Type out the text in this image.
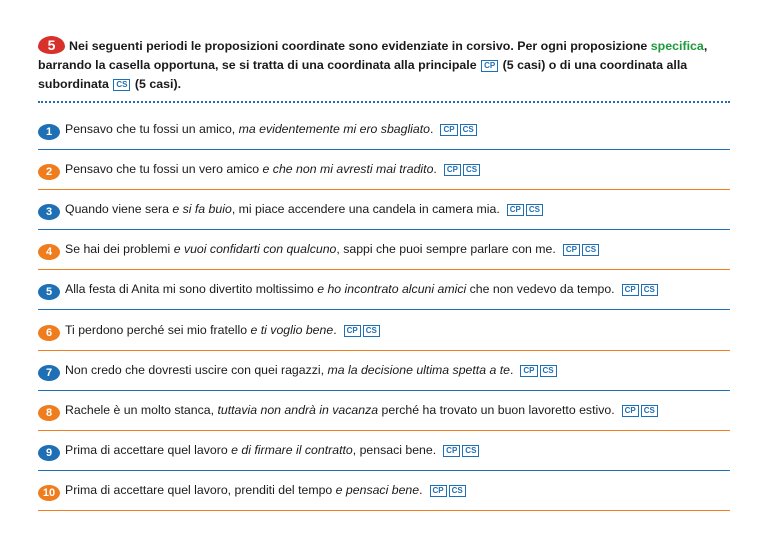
5 Nei seguenti periodi le proposizioni coordinate sono evidenziate in corsivo. Per ogni proposizione specifica, barrando la casella opportuna, se si tratta di una coordinata alla principale CP (5 casi) o di una coordinata alla subordinata CS (5 casi).
1 Pensavo che tu fossi un amico, ma evidentemente mi ero sbagliato. CP CS
2 Pensavo che tu fossi un vero amico e che non mi avresti mai tradito. CP CS
3 Quando viene sera e si fa buio, mi piace accendere una candela in camera mia. CP CS
4 Se hai dei problemi e vuoi confidarti con qualcuno, sappi che puoi sempre parlare con me. CP CS
5 Alla festa di Anita mi sono divertito moltissimo e ho incontrato alcuni amici che non vedevo da tempo. CP CS
6 Ti perdono perché sei mio fratello e ti voglio bene. CP CS
7 Non credo che dovresti uscire con quei ragazzi, ma la decisione ultima spetta a te. CP CS
8 Rachele è un molto stanca, tuttavia non andrà in vacanza perché ha trovato un buon lavoretto estivo. CP CS
9 Prima di accettare quel lavoro e di firmare il contratto, pensaci bene. CP CS
10 Prima di accettare quel lavoro, prenditi del tempo e pensaci bene. CP CS
